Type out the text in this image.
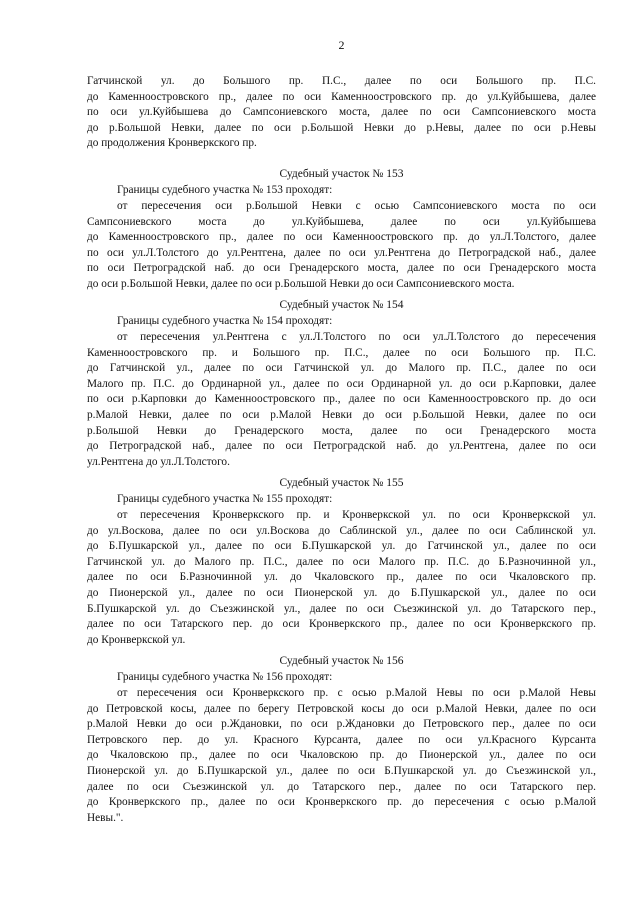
2
Гатчинской ул. до Большого пр. П.С., далее по оси Большого пр. П.С.
до Каменноостровского пр., далее по оси Каменноостровского пр. до ул.Куйбышева, далее
по оси ул.Куйбышева до Сампсониевского моста, далее по оси Сампсониевского моста
до р.Большой Невки, далее по оси р.Большой Невки до р.Невы, далее по оси р.Невы
до продолжения Кронверкского пр.
Судебный участок № 153
Границы судебного участка № 153 проходят:
от пересечения оси р.Большой Невки с осью Сампсониевского моста по оси
Сампсониевского моста до ул.Куйбышева, далее по оси ул.Куйбышева
до Каменноостровского пр., далее по оси Каменноостровского пр. до ул.Л.Толстого, далее
по оси ул.Л.Толстого до ул.Рентгена, далее по оси ул.Рентгена до Петроградской наб., далее
по оси Петроградской наб. до оси Гренадерского моста, далее по оси Гренадерского моста
до оси р.Большой Невки, далее по оси р.Большой Невки до оси Сампсониевского моста.
Судебный участок № 154
Границы судебного участка № 154 проходят:
от пересечения ул.Рентгена с ул.Л.Толстого по оси ул.Л.Толстого до пересечения
Каменноостровского пр. и Большого пр. П.С., далее по оси Большого пр. П.С.
до Гатчинской ул., далее по оси Гатчинской ул. до Малого пр. П.С., далее по оси
Малого пр. П.С. до Ординарной ул., далее по оси Ординарной ул. до оси р.Карповки, далее
по оси р.Карповки до Каменноостровского пр., далее по оси Каменноостровского пр. до оси
р.Малой Невки, далее по оси р.Малой Невки до оси р.Большой Невки, далее по оси
р.Большой Невки до Гренадерского моста, далее по оси Гренадерского моста
до Петроградской наб., далее по оси Петроградской наб. до ул.Рентгена, далее по оси
ул.Рентгена до ул.Л.Толстого.
Судебный участок № 155
Границы судебного участка № 155 проходят:
от пересечения Кронверкского пр. и Кронверкской ул. по оси Кронверкской ул.
до ул.Воскова, далее по оси ул.Воскова до Саблинской ул., далее по оси Саблинской ул.
до Б.Пушкарской ул., далее по оси Б.Пушкарской ул. до Гатчинской ул., далее по оси
Гатчинской ул. до Малого пр. П.С., далее по оси Малого пр. П.С. до Б.Разночинной ул.,
далее по оси Б.Разночинной ул. до Чкаловского пр., далее по оси Чкаловского пр.
до Пионерской ул., далее по оси Пионерской ул. до Б.Пушкарской ул., далее по оси
Б.Пушкарской ул. до Съезжинской ул., далее по оси Съезжинской ул. до Татарского пер.,
далее по оси Татарского пер. до оси Кронверкского пр., далее по оси Кронверкского пр.
до Кронверкской ул.
Судебный участок № 156
Границы судебного участка № 156 проходят:
от пересечения оси Кронверкского пр. с осью р.Малой Невы по оси р.Малой Невы
до Петровской косы, далее по берегу Петровской косы до оси р.Малой Невки, далее по оси
р.Малой Невки до оси р.Ждановки, по оси р.Ждановки до Петровского пер., далее по оси
Петровского пер. до ул. Красного Курсанта, далее по оси ул.Красного Курсанта
до Чкаловскою пр., далее по оси Чкаловскою пр. до Пионерской ул., далее по оси
Пионерской ул. до Б.Пушкарской ул., далее по оси Б.Пушкарской ул. до Съезжинской ул.,
далее по оси Съезжинской ул. до Татарского пер., далее по оси Татарского пер.
до Кронверкского пр., далее по оси Кронверкского пр. до пересечения с осью р.Малой
Невы.".
